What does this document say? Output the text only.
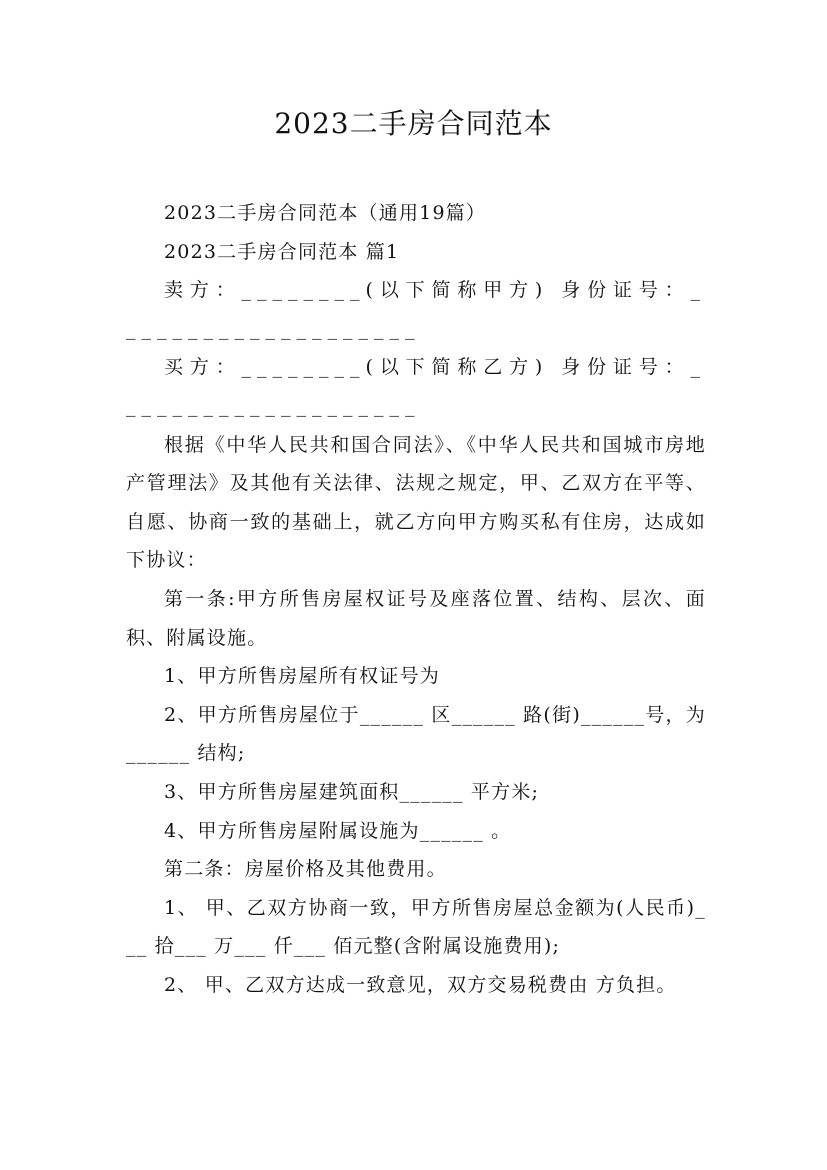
2023二手房合同范本

2023二手房合同范本（通用19篇）

2023二手房合同范本 篇1

卖方：________(以下简称甲方) 身份证号：____________________

买方：________(以下简称乙方) 身份证号：____________________

根据《中华人民共和国合同法》、《中华人民共和国城市房地产管理法》及其他有关法律、法规之规定，甲、乙双方在平等、自愿、协商一致的基础上，就乙方向甲方购买私有住房，达成如下协议：

第一条:甲方所售房屋权证号及座落位置、结构、层次、面积、附属设施。

1、甲方所售房屋所有权证号为

2、甲方所售房屋位于______ 区______ 路(街)______号，为______ 结构;

3、甲方所售房屋建筑面积______ 平方米;

4、甲方所售房屋附属设施为______ 。

第二条：房屋价格及其他费用。

1、 甲、乙双方协商一致，甲方所售房屋总金额为(人民币)___ 拾___ 万___ 仟___ 佰元整(含附属设施费用);

2、 甲、乙双方达成一致意见，双方交易税费由 方负担。
